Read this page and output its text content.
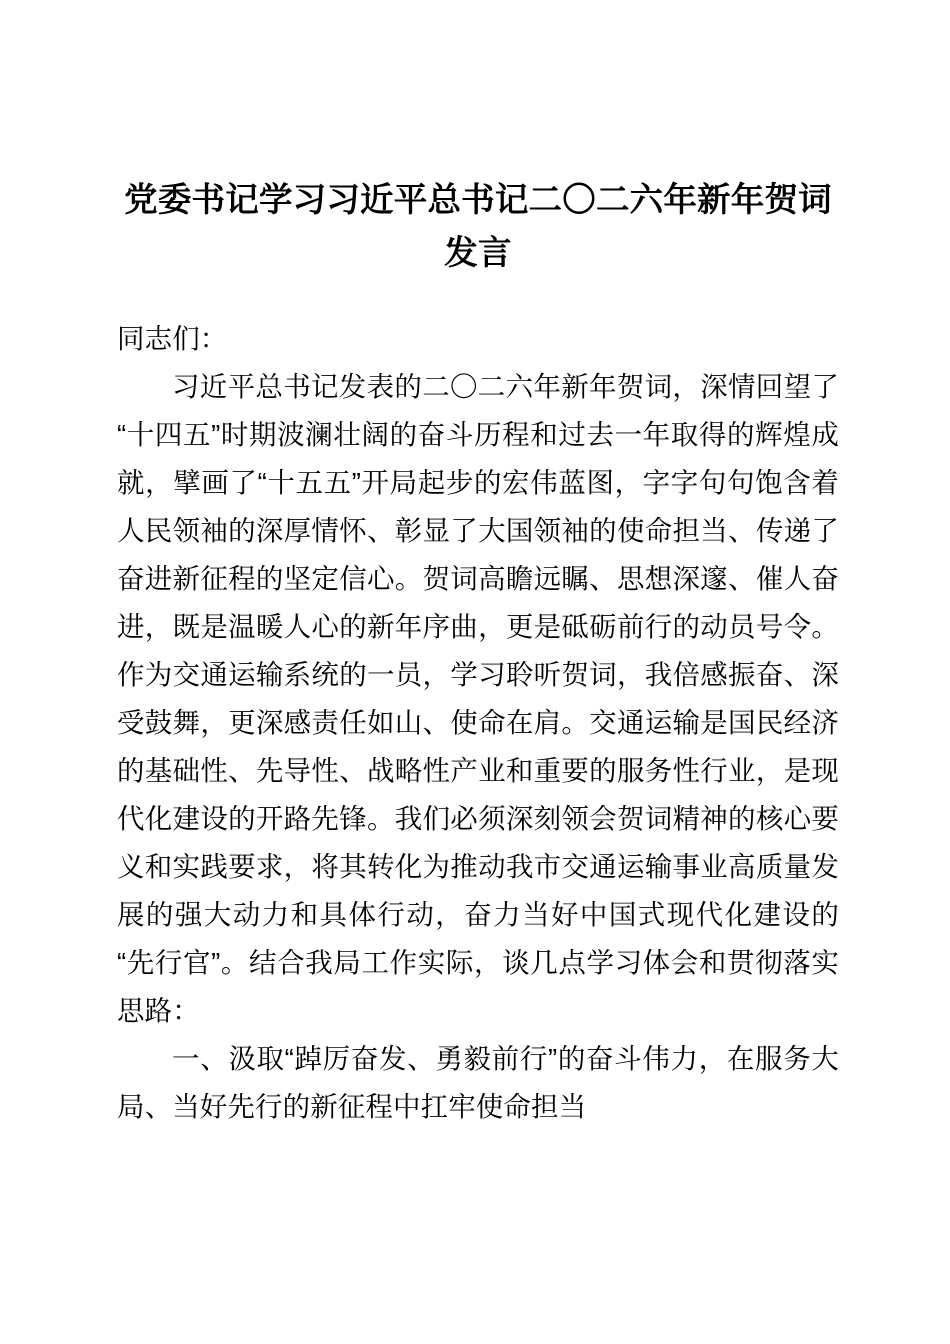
党委书记学习习近平总书记二〇二六年新年贺词发言

同志们：

习近平总书记发表的二〇二六年新年贺词，深情回望了“十四五”时期波澜壮阔的奋斗历程和过去一年取得的辉煌成就，擘画了“十五五”开局起步的宏伟蓝图，字字句句饱含着人民领袖的深厚情怀、彰显了大国领袖的使命担当、传递了奋进新征程的坚定信心。贺词高瞻远瞩、思想深邃、催人奋进，既是温暖人心的新年序曲，更是砥砺前行的动员号令。作为交通运输系统的一员，学习聆听贺词，我倍感振奋、深受鼓舞，更深感责任如山、使命在肩。交通运输是国民经济的基础性、先导性、战略性产业和重要的服务性行业，是现代化建设的开路先锋。我们必须深刻领会贺词精神的核心要义和实践要求，将其转化为推动我市交通运输事业高质量发展的强大动力和具体行动，奋力当好中国式现代化建设的“先行官”。结合我局工作实际，谈几点学习体会和贯彻落实思路：

一、汲取“踔厉奋发、勇毅前行”的奋斗伟力，在服务大局、当好先行的新征程中扛牢使命担当
